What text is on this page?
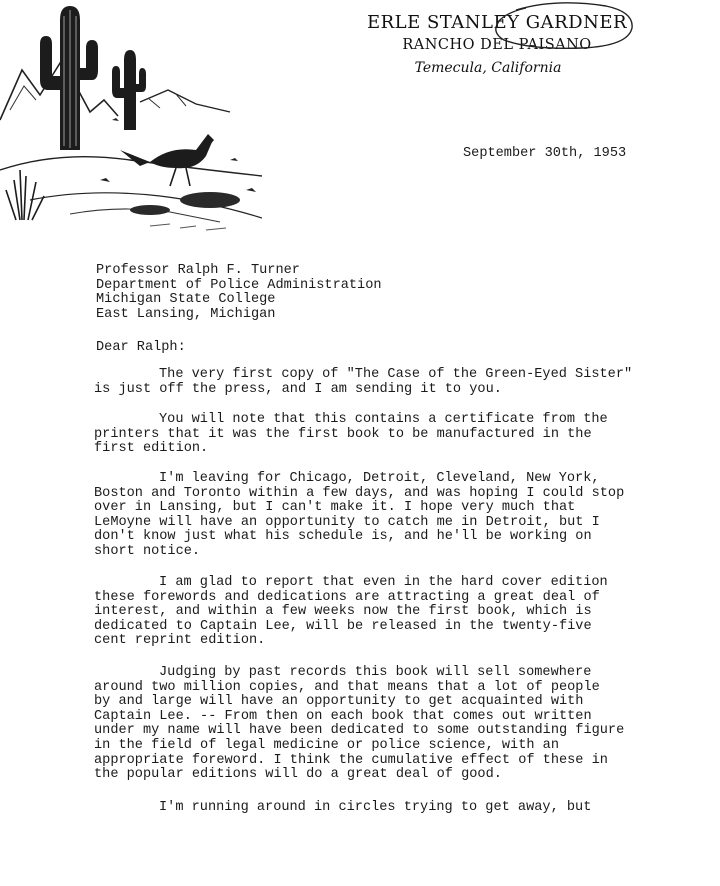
ERLE STANLEY GARDNER
RANCHO DEL PAISANO
Temecula, California
September 30th, 1953
Professor Ralph F. Turner
Department of Police Administration
Michigan State College
East Lansing, Michigan
Dear Ralph:
The very first copy of "The Case of the Green-Eyed Sister"
is just off the press, and I am sending it to you.
You will note that this contains a certificate from the
printers that it was the first book to be manufactured in the
first edition.
I'm leaving for Chicago, Detroit, Cleveland, New York,
Boston and Toronto within a few days, and was hoping I could stop
over in Lansing, but I can't make it. I hope very much that
LeMoyne will have an opportunity to catch me in Detroit, but I
don't know just what his schedule is, and he'll be working on
short notice.
I am glad to report that even in the hard cover edition
these forewords and dedications are attracting a great deal of
interest, and within a few weeks now the first book, which is
dedicated to Captain Lee, will be released in the twenty-five
cent reprint edition.
Judging by past records this book will sell somewhere
around two million copies, and that means that a lot of people
by and large will have an opportunity to get acquainted with
Captain Lee. -- From then on each book that comes out written
under my name will have been dedicated to some outstanding figure
in the field of legal medicine or police science, with an
appropriate foreword. I think the cumulative effect of these in
the popular editions will do a great deal of good.
I'm running around in circles trying to get away, but
